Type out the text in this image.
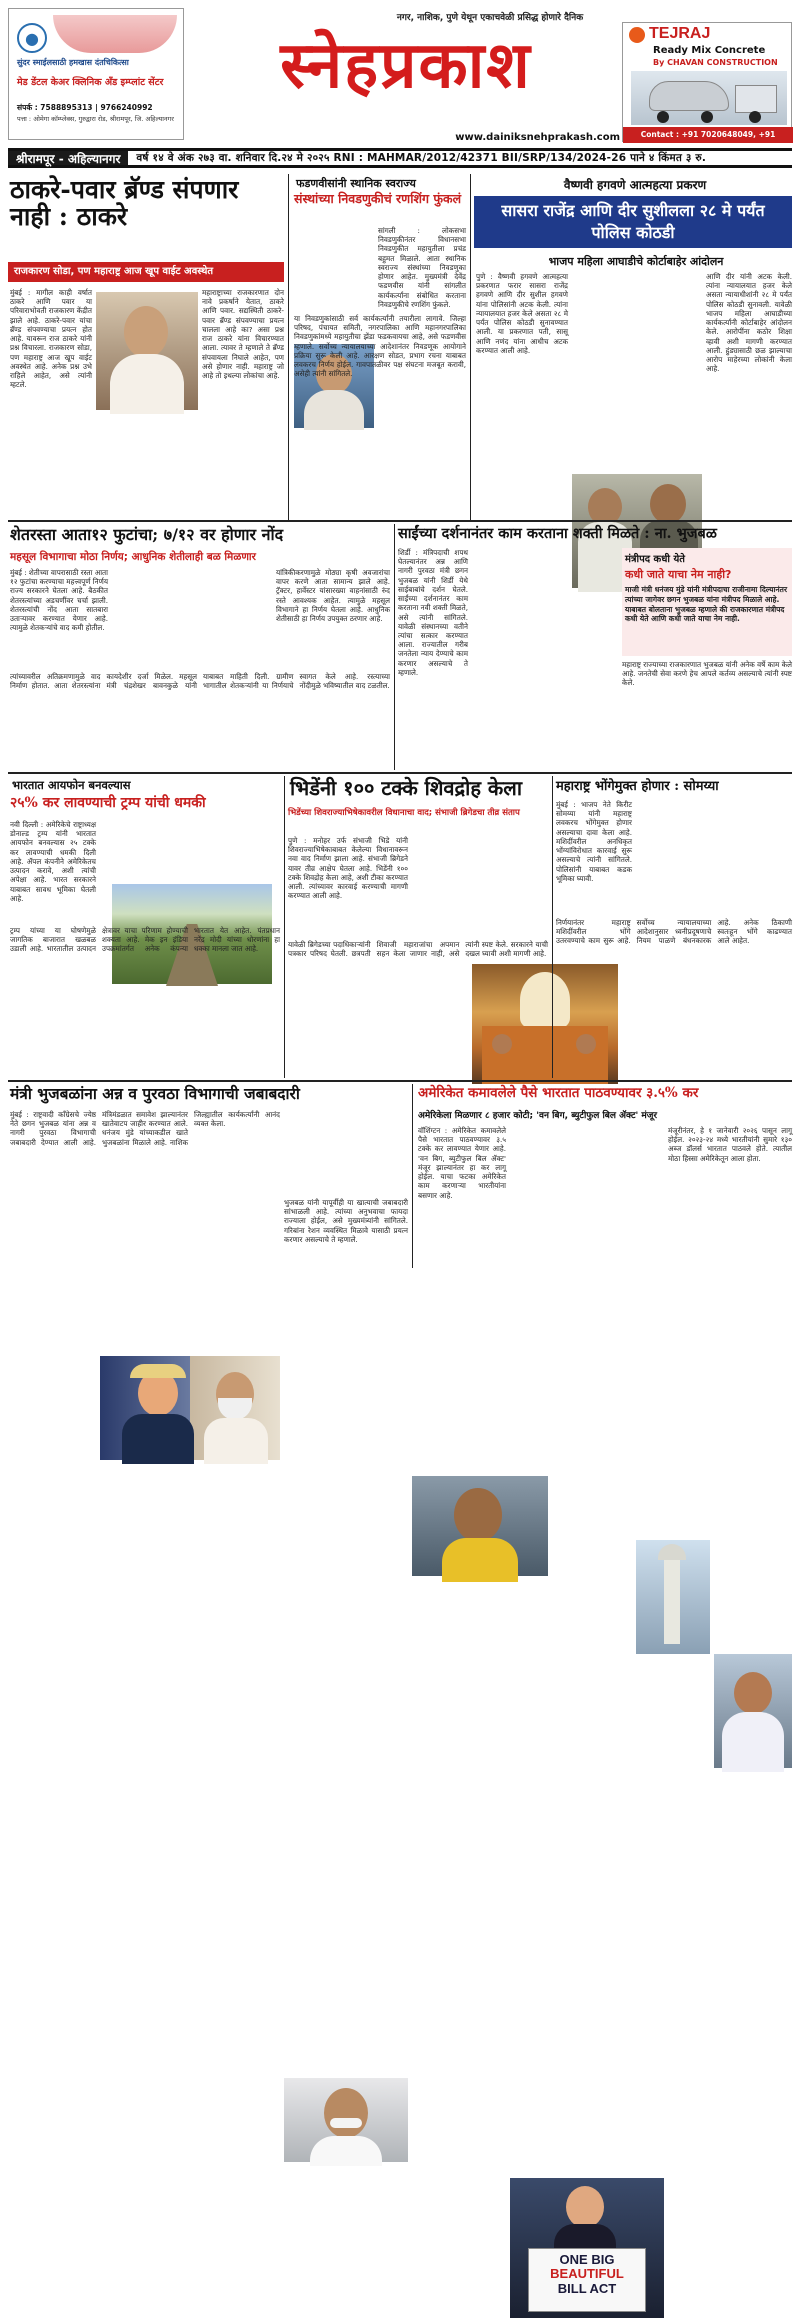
●
सुंदर स्माईलसाठी हमखास दंतचिकित्सा
मेड डेंटल केअर क्लिनिक अँड इम्प्लांट सेंटर
संपर्क : 7588895313 | 9766240992
पत्ता : ओमेगा कॉम्प्लेक्स, गुरुद्वारा रोड, श्रीरामपूर, जि. अहिल्यानगर
नगर, नाशिक, पुणे येथून एकाचवेळी प्रसिद्ध होणारे दैनिक
स्नेहप्रकाश
www.dainiksnehprakash.com
TEJRAJ
Ready Mix Concrete
By CHAVAN CONSTRUCTION
Contact : +91 7020648049, +91
श्रीरामपूर - अहिल्यानगर	वर्ष १४ वे अंक २७३ वा. शनिवार दि.२४ मे २०२५ RNI : MAHMAR/2012/42371 BII/SRP/134/2024-26 पाने ४ किंमत ३ रु.
ठाकरे-पवार ब्रॅण्ड संपणार नाही : ठाकरे
राजकारण सोडा, पण महाराष्ट्र आज खूप वाईट अवस्थेत
मुंबई : मागील काही वर्षात ठाकरे आणि पवार या परिवाराभोवती राजकारण केंद्रीत झाले आहे. ठाकरे-पवार यांचा ब्रॅण्ड संपवण्याचा प्रयत्न होत आहे. यावरून राज ठाकरे यांनी प्रश्न विचारला. राजकारण सोडा, पण महाराष्ट्र आज खूप वाईट अवस्थेत आहे. अनेक प्रश्न उभे राहिले आहेत, असे त्यांनी म्हटले.
महाराष्ट्राच्या राजकारणात दोन नावे प्रकर्षाने येतात, ठाकरे आणि पवार. सद्यस्थिती ठाकरे-पवार ब्रॅण्ड संपवण्याचा प्रयत्न चालला आहे का? असा प्रश्न राज ठाकरे यांना विचारण्यात आला. त्यावर ते म्हणाले ते ब्रॅण्ड संपवायला निघाले आहेत, पण असे होणार नाही. महाराष्ट्र जो आहे तो इथल्या लोकांचा आहे.
फडणवीसांनी स्थानिक स्वराज्य
संस्थांच्या निवडणुकीचं रणशिंग फुंकलं
सांगली : लोकसभा निवडणुकीनंतर विधानसभा निवडणुकीत महायुतीला प्रचंड बहुमत मिळाले. आता स्थानिक स्वराज्य संस्थांच्या निवडणुका होणार आहेत. मुख्यमंत्री देवेंद्र फडणवीस यांनी सांगलीत कार्यकर्त्यांना संबोधित करताना निवडणुकीचे रणशिंग फुंकले.
या निवडणुकांसाठी सर्व कार्यकर्त्यांनी तयारीला लागावे. जिल्हा परिषद, पंचायत समिती, नगरपालिका आणि महानगरपालिका निवडणुकांमध्ये महायुतीचा झेंडा फडकवायचा आहे, असे फडणवीस म्हणाले. सर्वोच्च न्यायालयाच्या आदेशानंतर निवडणूक आयोगाने प्रक्रिया सुरू केली आहे. आरक्षण सोडत, प्रभाग रचना याबाबत लवकरच निर्णय होईल. गावपातळीवर पक्ष संघटना मजबूत करावी, असेही त्यांनी सांगितले.
वैष्णवी हगवणे आत्महत्या प्रकरण
सासरा राजेंद्र आणि दीर सुशीलला २८ मे पर्यंत पोलिस कोठडी
भाजप महिला आघाडीचे कोर्टाबाहेर आंदोलन
पुणे : वैष्णवी हगवणे आत्महत्या प्रकरणात फरार सासरा राजेंद्र हगवणे आणि दीर सुशील हगवणे यांना पोलिसांनी अटक केली. त्यांना न्यायालयात हजर केले असता २८ मे पर्यंत पोलिस कोठडी सुनावण्यात आली. या प्रकरणात पती, सासू आणि नणंद यांना आधीच अटक करण्यात आली आहे.
आणि दीर यांनी अटक केली. त्यांना न्यायालयात हजर केले असता न्यायाधीशांनी २८ मे पर्यंत पोलिस कोठडी सुनावली. यावेळी भाजप महिला आघाडीच्या कार्यकर्त्यांनी कोर्टाबाहेर आंदोलन केले. आरोपींना कठोर शिक्षा व्हावी अशी मागणी करण्यात आली. हुंड्यासाठी छळ झाल्याचा आरोप माहेरच्या लोकांनी केला आहे.
शेतरस्ता आता१२ फुटांचा; ७/१२ वर होणार नोंद
महसूल विभागाचा मोठा निर्णय; आधुनिक शेतीलाही बळ मिळणार
मुंबई : शेतीच्या वापरासाठी रस्ता आता १२ फुटांचा करण्याचा महत्त्वपूर्ण निर्णय राज्य सरकारने घेतला आहे. बैठकीत शेतरस्त्यांच्या अडचणींवर चर्चा झाली. शेतरस्त्यांची नोंद आता सातबारा उताऱ्यावर करण्यात येणार आहे. त्यामुळे शेतकऱ्यांचे वाद कमी होतील.
यांत्रिकीकरणामुळे मोठ्या कृषी अवजारांचा वापर करणे आता सामान्य झाले आहे. ट्रॅक्टर, हार्वेस्टर यांसारख्या वाहनांसाठी रुंद रस्ते आवश्यक आहेत. त्यामुळे महसूल विभागाने हा निर्णय घेतला आहे. आधुनिक शेतीसाठी हा निर्णय उपयुक्त ठरणार आहे.
त्यांच्यावरील अतिक्रमणामुळे वाद निर्माण होतात. आता शेतरस्त्यांना कायदेशीर दर्जा मिळेल. महसूल मंत्री चंद्रशेखर बावनकुळे यांनी याबाबत माहिती दिली. ग्रामीण भागातील शेतकऱ्यांनी या निर्णयाचे स्वागत केले आहे. रस्त्याच्या नोंदीमुळे भविष्यातील वाद टळतील.
साईंच्या दर्शनानंतर काम करताना शक्ती मिळते : ना. भुजबळ
शिर्डी : मंत्रिपदाची शपथ घेतल्यानंतर अन्न आणि नागरी पुरवठा मंत्री छगन भुजबळ यांनी शिर्डी येथे साईबाबांचे दर्शन घेतले. साईंच्या दर्शनानंतर काम करताना नवी शक्ती मिळते, असे त्यांनी सांगितले. यावेळी संस्थानच्या वतीने त्यांचा सत्कार करण्यात आला. राज्यातील गरीब जनतेला न्याय देण्याचे काम करणार असल्याचे ते म्हणाले.
मंत्रीपद कधी येते
कधी जाते याचा नेम नाही?
माजी मंत्री धनंजय मुंडे यांनी मंत्रीपदाचा राजीनामा दिल्यानंतर त्यांच्या जागेवर छगन भुजबळ यांना मंत्रीपद मिळाले आहे. याबाबत बोलताना भुजबळ म्हणाले की राजकारणात मंत्रीपद कधी येते आणि कधी जाते याचा नेम नाही.
महाराष्ट्र राज्याच्या राजकारणात भुजबळ यांनी अनेक वर्षे काम केले आहे. जनतेची सेवा करणे हेच आपले कर्तव्य असल्याचे त्यांनी स्पष्ट केले.
भारतात आयफोन बनवल्यास
२५% कर लावण्याची ट्रम्प यांची धमकी
नवी दिल्ली : अमेरिकेचे राष्ट्राध्यक्ष डोनाल्ड ट्रम्प यांनी भारतात आयफोन बनवल्यास २५ टक्के कर लावण्याची धमकी दिली आहे. ॲपल कंपनीने अमेरिकेतच उत्पादन करावे, अशी त्यांची अपेक्षा आहे. भारत सरकारने याबाबत सावध भूमिका घेतली आहे.
ट्रम्प यांच्या या घोषणेमुळे जागतिक बाजारात खळबळ उडाली आहे. भारतातील उत्पादन क्षेत्रावर याचा परिणाम होण्याची शक्यता आहे. मेक इन इंडिया उपक्रमांतर्गत अनेक कंपन्या भारतात येत आहेत. पंतप्रधान नरेंद्र मोदी यांच्या धोरणांना हा धक्का मानला जात आहे.
भिडेंनी १०० टक्के शिवद्रोह केला
भिडेंच्या शिवराज्याभिषेकावरील विधानाचा वाद; संभाजी ब्रिगेडचा तीव्र संताप
पुणे : मनोहर उर्फ संभाजी भिडे यांनी शिवराज्याभिषेकाबाबत केलेल्या विधानावरून नवा वाद निर्माण झाला आहे. संभाजी ब्रिगेडने यावर तीव्र आक्षेप घेतला आहे. भिडेंनी १०० टक्के शिवद्रोह केला आहे, अशी टीका करण्यात आली. त्यांच्यावर कारवाई करण्याची मागणी करण्यात आली आहे.
यावेळी ब्रिगेडच्या पदाधिकाऱ्यांनी पत्रकार परिषद घेतली. छत्रपती शिवाजी महाराजांचा अपमान सहन केला जाणार नाही, असे त्यांनी स्पष्ट केले. सरकारने याची दखल घ्यावी अशी मागणी आहे.
महाराष्ट्र भोंगेमुक्त होणार : सोमय्या
मुंबई : भाजप नेते किरीट सोमय्या यांनी महाराष्ट्र लवकरच भोंगेमुक्त होणार असल्याचा दावा केला आहे. मशिदींवरील अनधिकृत भोंग्यांविरोधात कारवाई सुरू असल्याचे त्यांनी सांगितले. पोलिसांनी याबाबत कडक भूमिका घ्यावी.
निर्णयानंतर महाराष्ट्र मशिदींवरील भोंगे उतरवण्याचे काम सुरू आहे. सर्वोच्च न्यायालयाच्या आदेशानुसार ध्वनीप्रदूषणाचे नियम पाळणे बंधनकारक आहे. अनेक ठिकाणी स्वतःहून भोंगे काढण्यात आले आहेत.
मंत्री भुजबळांना अन्न व पुरवठा विभागाची जबाबदारी
मुंबई : राष्ट्रवादी काँग्रेसचे ज्येष्ठ नेते छगन भुजबळ यांना अन्न व नागरी पुरवठा विभागाची जबाबदारी देण्यात आली आहे. मंत्रिमंडळात समावेश झाल्यानंतर खातेवाटप जाहीर करण्यात आले. धनंजय मुंडे यांच्याकडील खाते भुजबळांना मिळाले आहे. नाशिक जिल्ह्यातील कार्यकर्त्यांनी आनंद व्यक्त केला.
भुजबळ यांनी यापूर्वीही या खात्याची जबाबदारी सांभाळली आहे. त्यांच्या अनुभवाचा फायदा राज्याला होईल, असे मुख्यमंत्र्यांनी सांगितले. गरिबांना रेशन व्यवस्थित मिळावे यासाठी प्रयत्न करणार असल्याचे ते म्हणाले.
अमेरिकेत कमावलेले पैसे भारतात पाठवण्यावर ३.५% कर
अमेरिकेला मिळणार ८ हजार कोटी; 'वन बिग, ब्युटीफुल बिल ॲक्ट' मंजूर
वॉशिंग्टन : अमेरिकेत कमावलेले पैसे भारतात पाठवण्यावर ३.५ टक्के कर लावण्यात येणार आहे. 'वन बिग, ब्युटीफुल बिल ॲक्ट' मंजूर झाल्यानंतर हा कर लागू होईल. याचा फटका अमेरिकेत काम करणाऱ्या भारतीयांना बसणार आहे.
ONE BIG
BEAUTIFUL
BILL ACT
मंजूरीनंतर, हे १ जानेवारी २०२६ पासून लागू होईल. २०२३-२४ मध्ये भारतीयांनी सुमारे १३० अब्ज डॉलर्स भारतात पाठवले होते. त्यातील मोठा हिस्सा अमेरिकेतून आला होता.
